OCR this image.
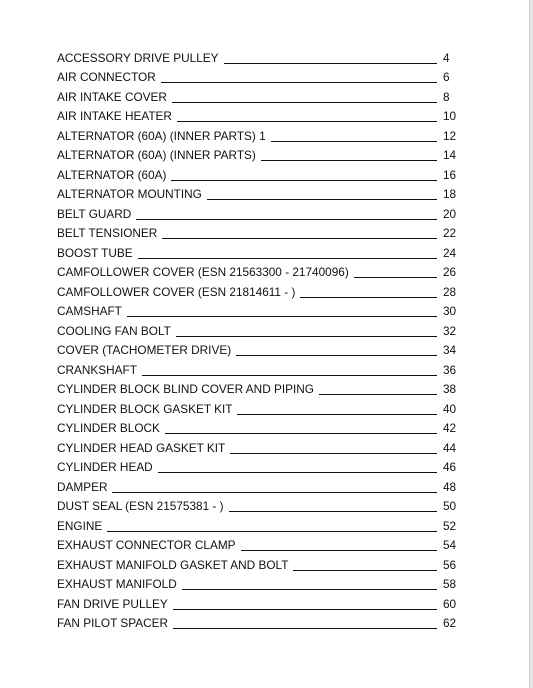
ACCESSORY DRIVE PULLEY	4
AIR CONNECTOR	6
AIR INTAKE COVER	8
AIR INTAKE HEATER	10
ALTERNATOR (60A) (INNER PARTS) 1	12
ALTERNATOR (60A) (INNER PARTS)	14
ALTERNATOR (60A)	16
ALTERNATOR MOUNTING	18
BELT GUARD	20
BELT TENSIONER	22
BOOST TUBE	24
CAMFOLLOWER COVER (ESN 21563300 - 21740096)	26
CAMFOLLOWER COVER (ESN 21814611 - )	28
CAMSHAFT	30
COOLING FAN BOLT	32
COVER (TACHOMETER DRIVE)	34
CRANKSHAFT	36
CYLINDER BLOCK BLIND COVER AND PIPING	38
CYLINDER BLOCK GASKET KIT	40
CYLINDER BLOCK	42
CYLINDER HEAD GASKET KIT	44
CYLINDER HEAD	46
DAMPER	48
DUST SEAL (ESN 21575381 - )	50
ENGINE	52
EXHAUST CONNECTOR CLAMP	54
EXHAUST MANIFOLD GASKET AND BOLT	56
EXHAUST MANIFOLD	58
FAN DRIVE PULLEY	60
FAN PILOT SPACER	62
